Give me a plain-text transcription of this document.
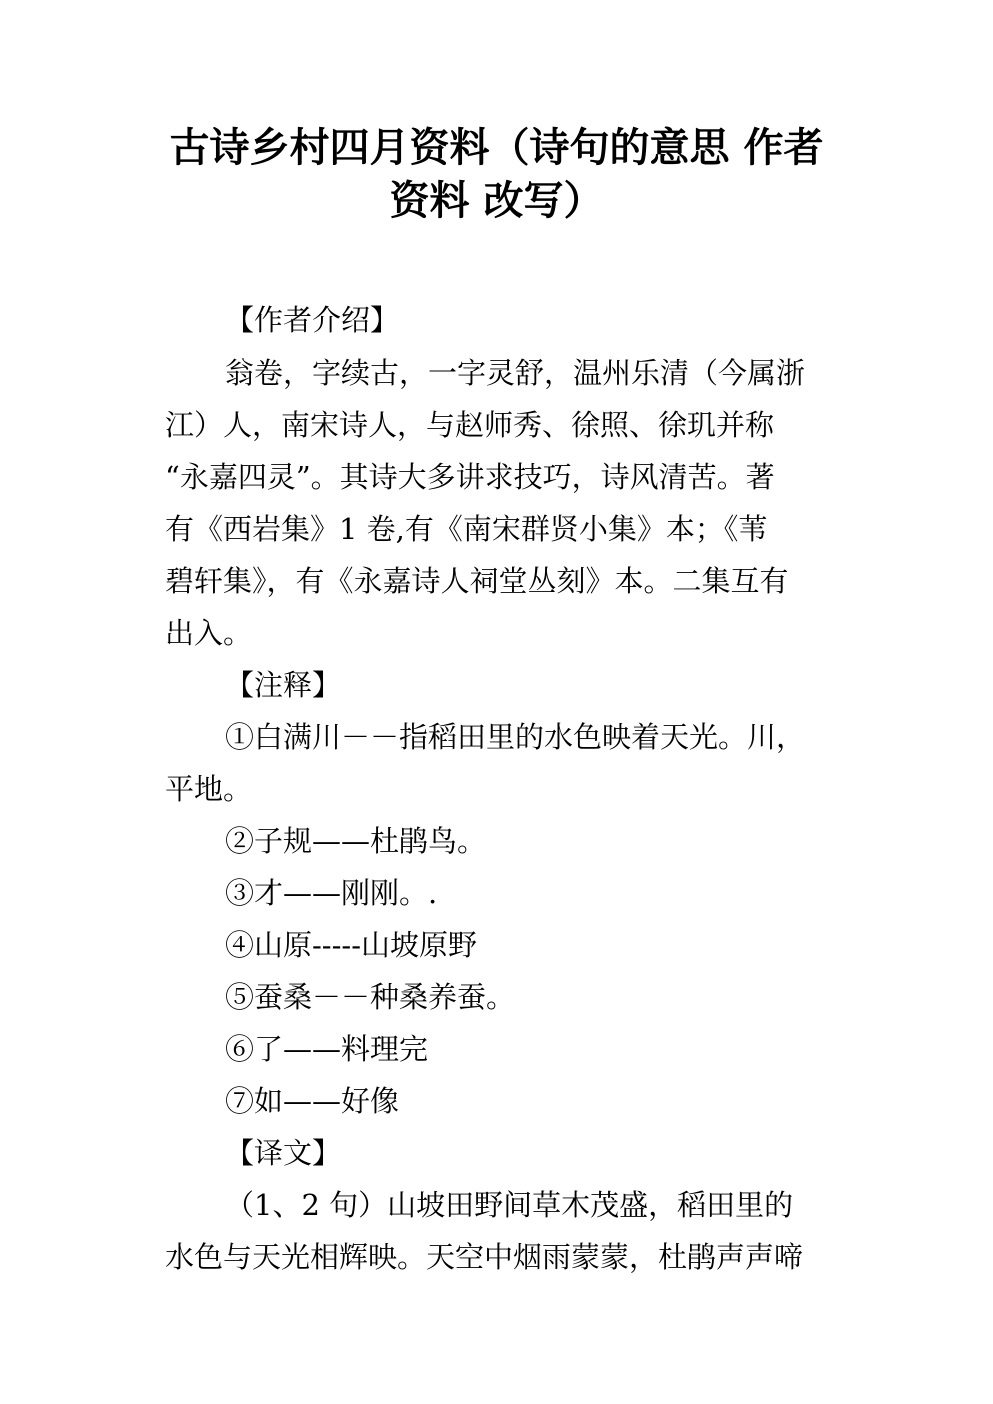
古诗乡村四月资料（诗句的意思 作者
资料 改写）
【作者介绍】
翁卷，字续古，一字灵舒，温州乐清（今属浙
江）人，南宋诗人，与赵师秀、徐照、徐玑并称
“永嘉四灵”。其诗大多讲求技巧，诗风清苦。著
有《西岩集》1 卷,有《南宋群贤小集》本；《苇
碧轩集》，有《永嘉诗人祠堂丛刻》本。二集互有
出入。
【注释】
①白满川－－指稻田里的水色映着天光。川，
平地。
②子规——杜鹃鸟。
③才——刚刚。.
④山原-----山坡原野
⑤蚕桑－－种桑养蚕。
⑥了——料理完
⑦如——好像
【译文】
（1、2 句）山坡田野间草木茂盛，稻田里的
水色与天光相辉映。天空中烟雨蒙蒙，杜鹃声声啼
